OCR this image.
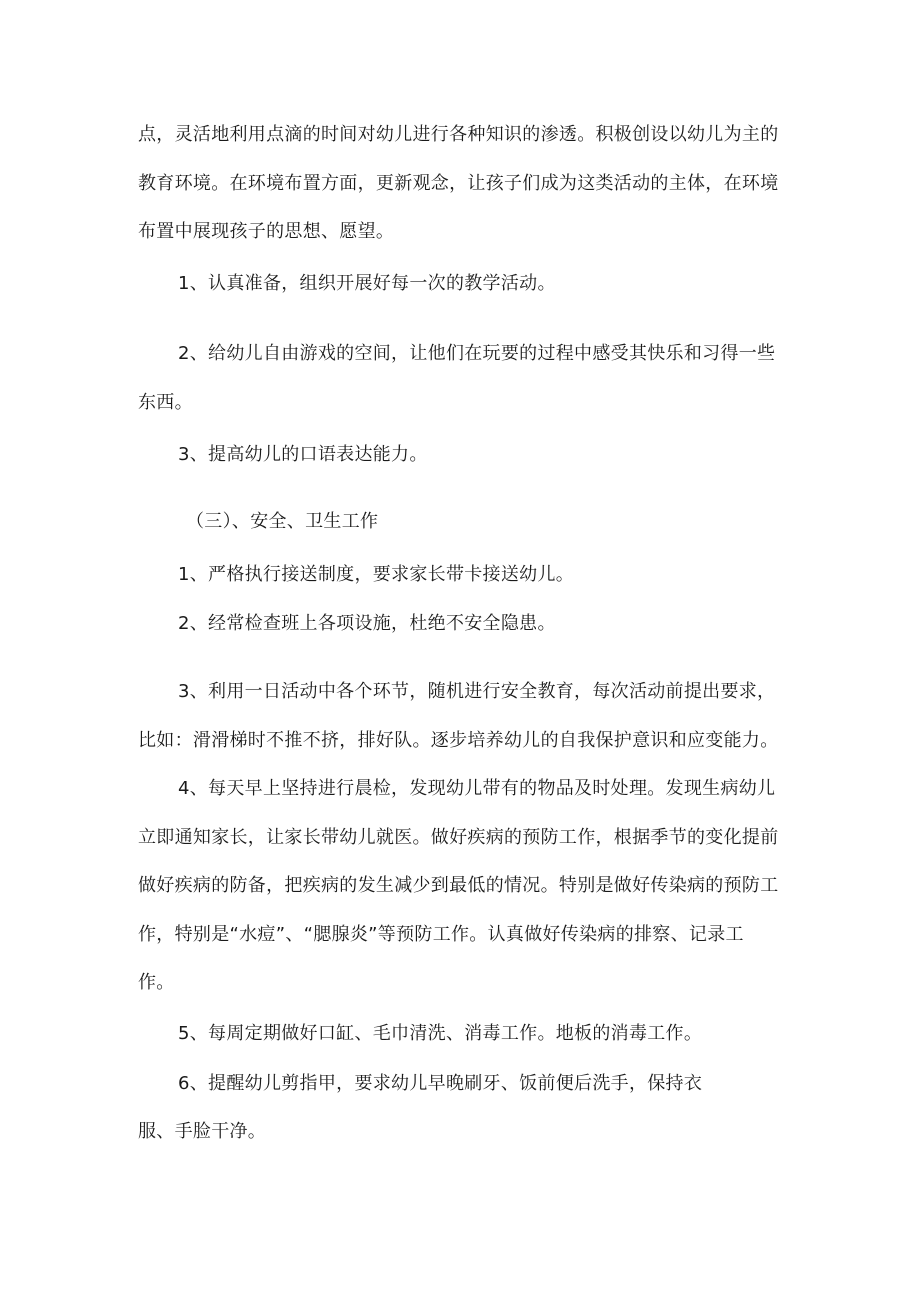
点，灵活地利用点滴的时间对幼儿进行各种知识的渗透。积极创设以幼儿为主的
教育环境。在环境布置方面，更新观念，让孩子们成为这类活动的主体，在环境
布置中展现孩子的思想、愿望。
1、认真准备，组织开展好每一次的教学活动。
2、给幼儿自由游戏的空间，让他们在玩要的过程中感受其快乐和习得一些
东西。
3、提高幼儿的口语表达能力。
（三）、安全、卫生工作
1、严格执行接送制度，要求家长带卡接送幼儿。
2、经常检查班上各项设施，杜绝不安全隐患。
3、利用一日活动中各个环节，随机进行安全教育，每次活动前提出要求，
比如：滑滑梯时不推不挤，排好队。逐步培养幼儿的自我保护意识和应变能力。
4、每天早上坚持进行晨检，发现幼儿带有的物品及时处理。发现生病幼儿
立即通知家长，让家长带幼儿就医。做好疾病的预防工作，根据季节的变化提前
做好疾病的防备，把疾病的发生减少到最低的情况。特别是做好传染病的预防工
作，特别是“水痘”、“腮腺炎”等预防工作。认真做好传染病的排察、记录工
作。
5、每周定期做好口缸、毛巾清洗、消毒工作。地板的消毒工作。
6、提醒幼儿剪指甲，要求幼儿早晚刷牙、饭前便后洗手，保持衣
服、手脸干净。
